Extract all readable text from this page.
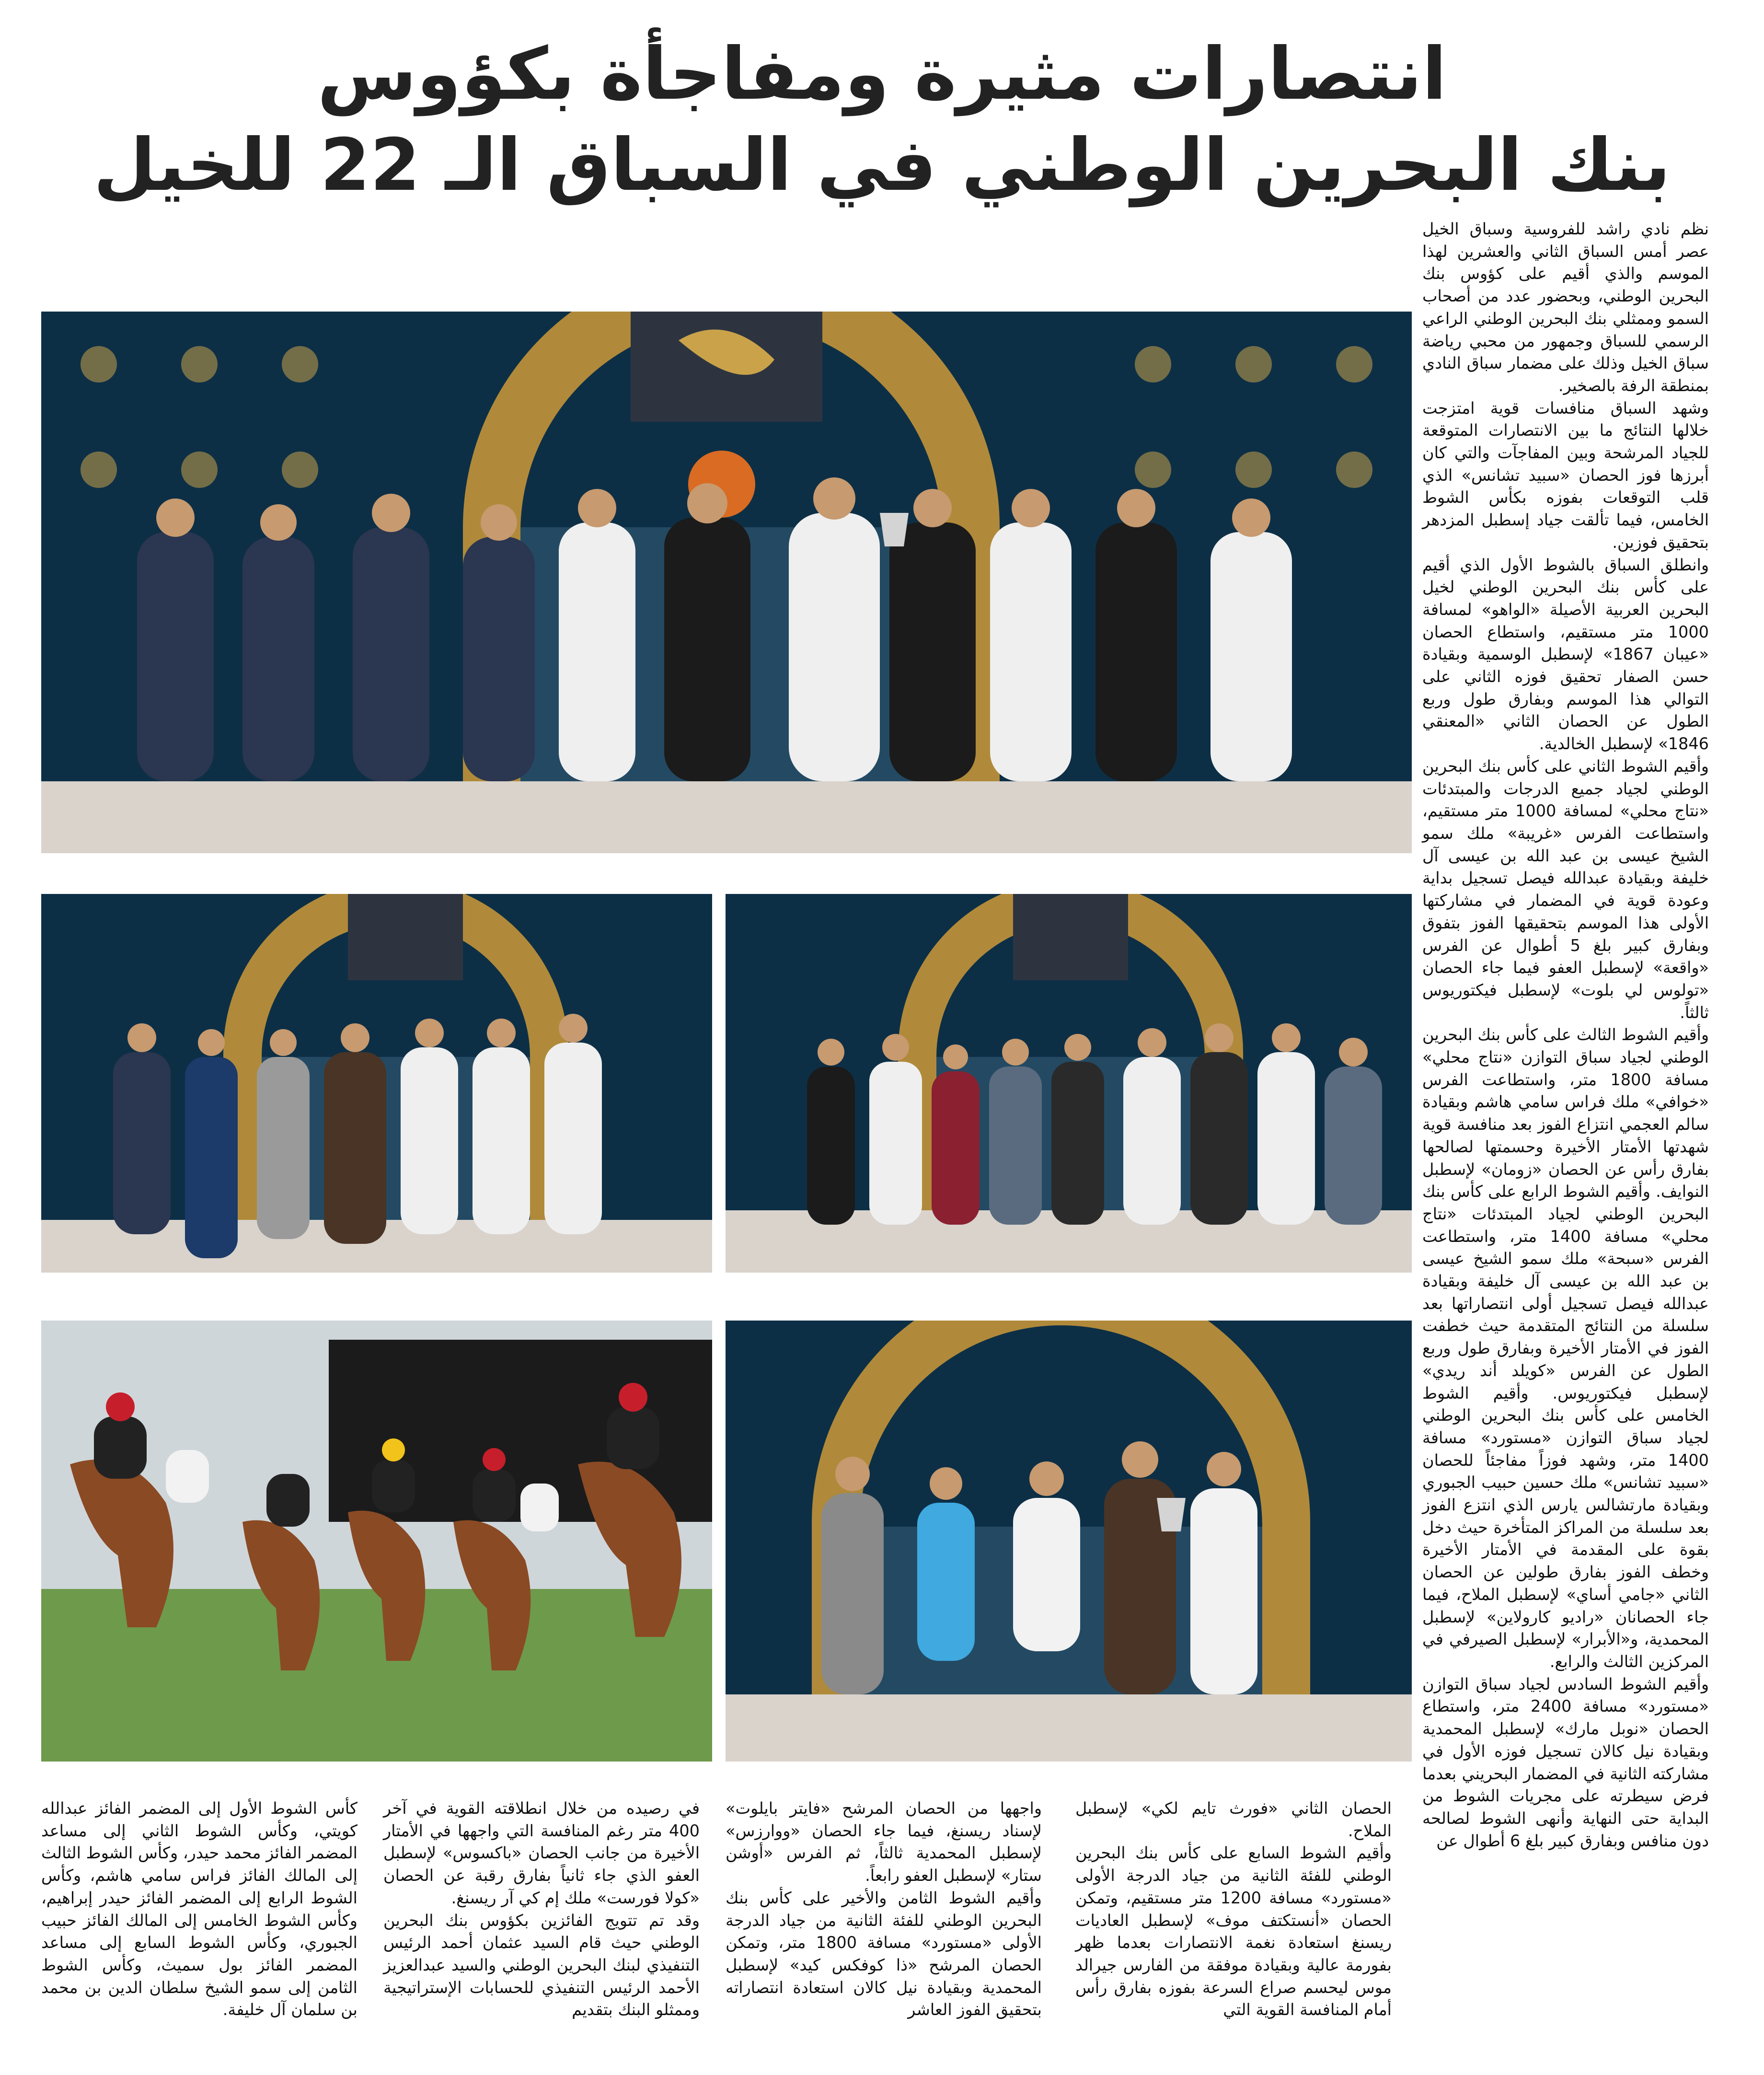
انتصارات مثيرة ومفاجأة بكؤوس
بنك البحرين الوطني في السباق الـ 22 للخيل

نظم نادي راشد للفروسية وسباق الخيل عصر أمس السباق الثاني والعشرين لهذا الموسم والذي أقيم على كؤوس بنك البحرين الوطني، وبحضور عدد من أصحاب السمو وممثلي بنك البحرين الوطني الراعي الرسمي للسباق وجمهور من محبي رياضة سباق الخيل وذلك على مضمار سباق النادي بمنطقة الرفة بالصخير.

وشهد السباق منافسات قوية امتزجت خلالها النتائج ما بين الانتصارات المتوقعة للجياد المرشحة وبين المفاجآت والتي كان أبرزها فوز الحصان «سبيد تشانس» الذي قلب التوقعات بفوزه بكأس الشوط الخامس، فيما تألقت جياد إسطبل المزدهر بتحقيق فوزين.

وانطلق السباق بالشوط الأول الذي أقيم على كأس بنك البحرين الوطني لخيل البحرين العربية الأصيلة «الواهو» لمسافة 1000 متر مستقيم، واستطاع الحصان «عيبان 1867» لإسطبل الوسمية وبقيادة حسن الصفار تحقيق فوزه الثاني على التوالي هذا الموسم وبفارق طول وربع الطول عن الحصان الثاني «المعنقي 1846» لإسطبل الخالدية.

وأقيم الشوط الثاني على كأس بنك البحرين الوطني لجياد جميع الدرجات والمبتدئات «نتاج محلي» لمسافة 1000 متر مستقيم، واستطاعت الفرس «غريبة» ملك سمو الشيخ عيسى بن عبد الله بن عيسى آل خليفة وبقيادة عبدالله فيصل تسجيل بداية وعودة قوية في المضمار في مشاركتها الأولى هذا الموسم بتحقيقها الفوز بتفوق وبفارق كبير بلغ 5 أطوال عن الفرس «واقعة» لإسطبل العفو فيما جاء الحصان «تولوس لي بلوت» لإسطبل فيكتوريوس ثالثاً.

وأقيم الشوط الثالث على كأس بنك البحرين الوطني لجياد سباق التوازن «نتاج محلي» مسافة 1800 متر، واستطاعت الفرس «خوافي» ملك فراس سامي هاشم وبقيادة سالم العجمي انتزاع الفوز بعد منافسة قوية شهدتها الأمتار الأخيرة وحسمتها لصالحها بفارق رأس عن الحصان «زومان» لإسطبل النوايف. وأقيم الشوط الرابع على كأس بنك البحرين الوطني لجياد المبتدئات «نتاج محلي» مسافة 1400 متر، واستطاعت الفرس «سبحة» ملك سمو الشيخ عيسى بن عبد الله بن عيسى آل خليفة وبقيادة عبدالله فيصل تسجيل أولى انتصاراتها بعد سلسلة من النتائج المتقدمة حيث خطفت الفوز في الأمتار الأخيرة وبفارق طول وربع الطول عن الفرس «كويلد أند ريدي» لإسطبل فيكتوريوس. وأقيم الشوط الخامس على كأس بنك البحرين الوطني لجياد سباق التوازن «مستورد» مسافة 1400 متر، وشهد فوزاً مفاجئاً للحصان «سبيد تشانس» ملك حسين حبيب الجبوري وبقيادة مارتشالس يارس الذي انتزع الفوز بعد سلسلة من المراكز المتأخرة حيث دخل بقوة على المقدمة في الأمتار الأخيرة وخطف الفوز بفارق طولين عن الحصان الثاني «جامي أساي» لإسطبل الملاح، فيما جاء الحصانان «راديو كارولاين» لإسطبل المحمدية، و«الأبرار» لإسطبل الصيرفي في المركزين الثالث والرابع.

وأقيم الشوط السادس لجياد سباق التوازن «مستورد» مسافة 2400 متر، واستطاع الحصان «نوبل مارك» لإسطبل المحمدية وبقيادة نيل كالان تسجيل فوزه الأول في مشاركته الثانية في المضمار البحريني بعدما فرض سيطرته على مجريات الشوط من البداية حتى النهاية وأنهى الشوط لصالحه دون منافس وبفارق كبير بلغ 6 أطوال عن

الحصان الثاني «فورث تايم لكي» لإسطبل الملاح.

وأقيم الشوط السابع على كأس بنك البحرين الوطني للفئة الثانية من جياد الدرجة الأولى «مستورد» مسافة 1200 متر مستقيم، وتمكن الحصان «أنستكتف موف» لإسطبل العاديات ريسنغ استعادة نغمة الانتصارات بعدما ظهر بفورمة عالية وبقيادة موفقة من الفارس جيرالد موس ليحسم صراع السرعة بفوزه بفارق رأس أمام المنافسة القوية التي

واجهها من الحصان المرشح «فايتر بايلوت» لإسناد ريسنغ، فيما جاء الحصان «ووارزس» لإسطبل المحمدية ثالثاً، ثم الفرس «أوشن ستار» لإسطبل العفو رابعاً.

وأقيم الشوط الثامن والأخير على كأس بنك البحرين الوطني للفئة الثانية من جياد الدرجة الأولى «مستورد» مسافة 1800 متر، وتمكن الحصان المرشح «ذا كوفكس كيد» لإسطبل المحمدية وبقيادة نيل كالان استعادة انتصاراته بتحقيق الفوز العاشر

في رصيده من خلال انطلاقته القوية في آخر 400 متر رغم المنافسة التي واجهها في الأمتار الأخيرة من جانب الحصان «باكسوس» لإسطبل العفو الذي جاء ثانياً بفارق رقبة عن الحصان «كولا فورست» ملك إم كي آر ريسنغ.

وقد تم تتويج الفائزين بكؤوس بنك البحرين الوطني حيث قام السيد عثمان أحمد الرئيس التنفيذي لبنك البحرين الوطني والسيد عبدالعزيز الأحمد الرئيس التنفيذي للحسابات الإستراتيجية وممثلو البنك بتقديم

كأس الشوط الأول إلى المضمر الفائز عبدالله كويتي، وكأس الشوط الثاني إلى مساعد المضمر الفائز محمد حيدر، وكأس الشوط الثالث إلى المالك الفائز فراس سامي هاشم، وكأس الشوط الرابع إلى المضمر الفائز حيدر إبراهيم، وكأس الشوط الخامس إلى المالك الفائز حبيب الجبوري، وكأس الشوط السابع إلى مساعد المضمر الفائز بول سميث، وكأس الشوط الثامن إلى سمو الشيخ سلطان الدين بن محمد بن سلمان آل خليفة.
